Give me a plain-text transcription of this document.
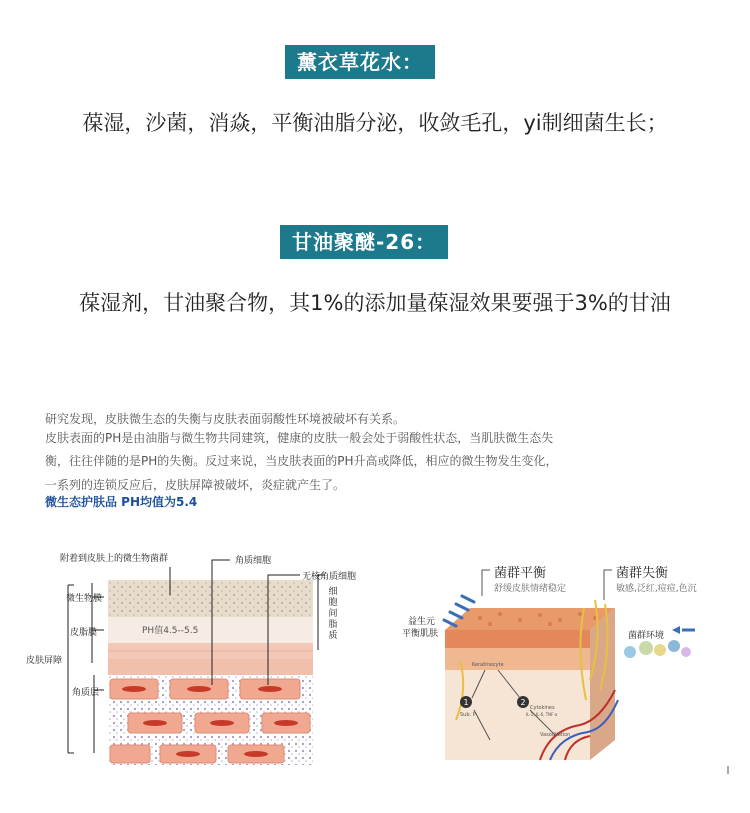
薰衣草花水：
葆湿，沙菌，消焱，平衡油脂分泌，收敛毛孔，yi制细菌生长；
甘油聚醚-26：
葆湿剂，甘油聚合物，其1%的添加量葆湿效果要强于3%的甘油
研究发现，皮肤微生态的失衡与皮肤表面弱酸性环境被破坏有关系。
皮肤表面的PH是由油脂与微生物共同建筑，健康的皮肤一般会处于弱酸性状态，当肌肤微生态失
衡，往往伴随的是PH的失衡。反过来说，当皮肤表面的PH升高或降低，相应的微生物发生变化，
一系列的连锁反应后，皮肤屏障被破坏，炎症就产生了。
微生态护肤品 PH均值为5.4
附着到皮肤上的微生物菌群	角质细胞
无核角质细胞
细胞间脂质
微生物膜
皮脂膜	PH值4.5--5.5
皮肤屏障
角质层
1	2
菌群平衡
舒缓皮肤情绪稳定
菌群失衡
敏感,泛红,痘痘,色沉
益生元
平衡肌肤	菌群环境
Keratinocyte
Cytokines
IL-1, IL-6, TNF-a
Sub. P
Vasodilation
